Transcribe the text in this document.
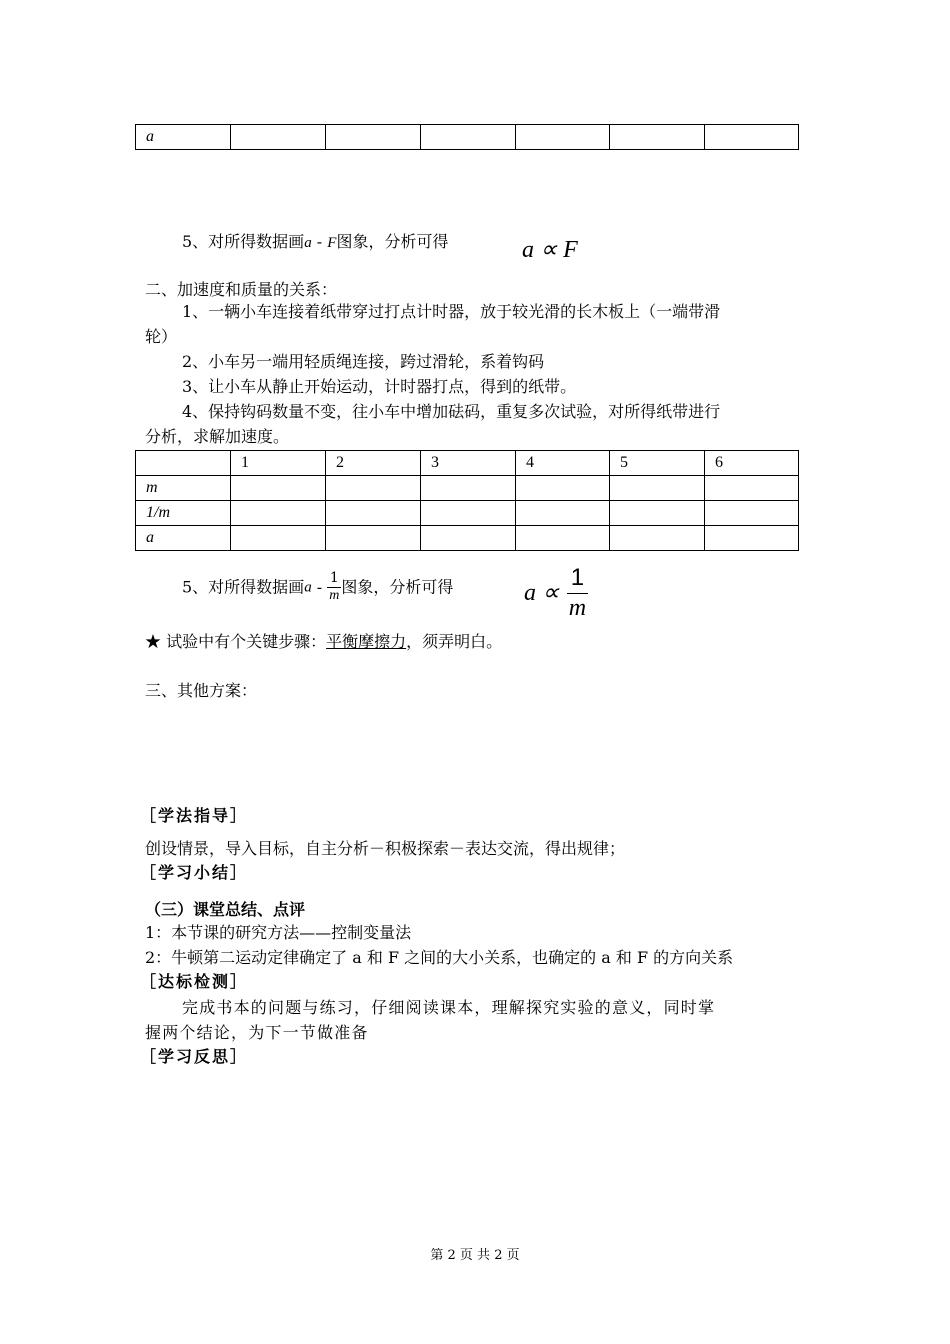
a						
5、对所得数据画a - F图象，分析可得	a ∝ F
二、加速度和质量的关系：
1、一辆小车连接着纸带穿过打点计时器，放于较光滑的长木板上（一端带滑
轮）
2、小车另一端用轻质绳连接，跨过滑轮，系着钩码
3、让小车从静止开始运动，计时器打点，得到的纸带。
4、保持钩码数量不变，往小车中增加砝码，重复多次试验，对所得纸带进行
分析，求解加速度。
	1	2	3	4	5	6
m						
1/m						
a						
5、对所得数据画a - $\frac{1}{m}$ 图象，分析可得	$a \propto \frac{1}{m}$
★ 试验中有个关键步骤：平衡摩擦力，须弄明白。
三、其他方案：
［学法指导］
创设情景，导入目标，自主分析－积极探索－表达交流，得出规律；
［学习小结］
（三）课堂总结、点评
1：本节课的研究方法——控制变量法
2：牛顿第二运动定律确定了 a 和 F 之间的大小关系，也确定的 a 和 F 的方向关系
［达标检测］
完成书本的问题与练习，仔细阅读课本，理解探究实验的意义，同时掌
握两个结论，为下一节做准备
［学习反思］
第 2 页 共 2 页
